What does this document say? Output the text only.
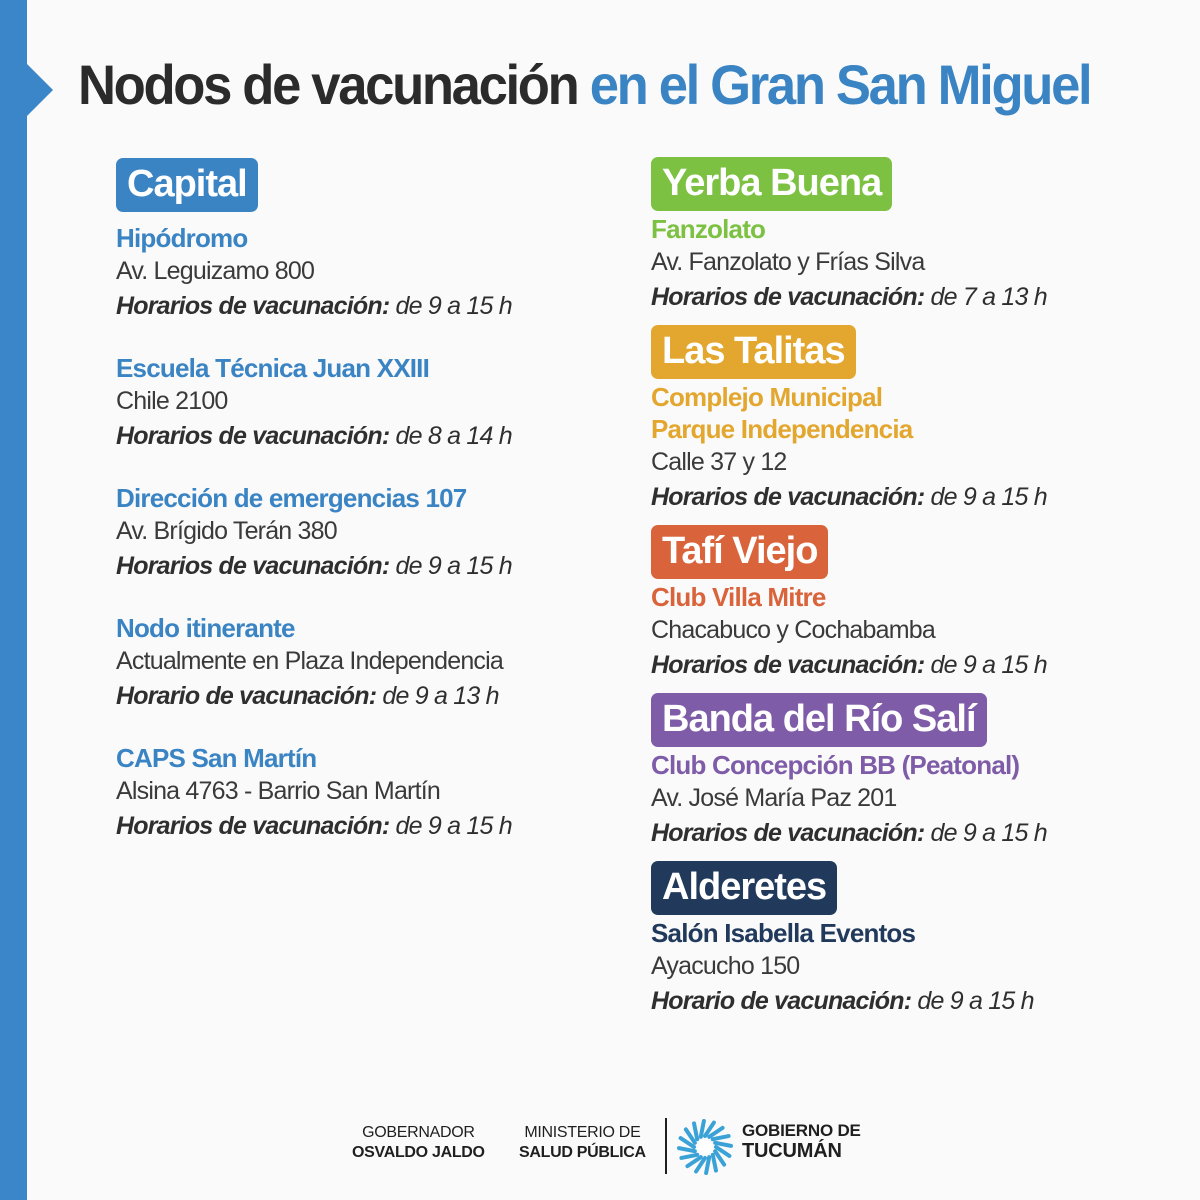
Nodos de vacunación en el Gran San Miguel
Capital
Hipódromo
Av. Leguizamo 800
Horarios de vacunación: de 9 a 15 h
Escuela Técnica Juan XXIII
Chile 2100
Horarios de vacunación: de 8 a 14 h
Dirección de emergencias 107
Av. Brígido Terán 380
Horarios de vacunación: de 9 a 15 h
Nodo itinerante
Actualmente en Plaza Independencia
Horario de vacunación: de 9 a 13 h
CAPS San Martín
Alsina 4763 - Barrio San Martín
Horarios de vacunación: de 9 a 15 h
Yerba Buena
Fanzolato
Av. Fanzolato y Frías Silva
Horarios de vacunación: de 7 a 13 h
Las Talitas
Complejo Municipal
Parque Independencia
Calle 37 y 12
Horarios de vacunación: de 9 a 15 h
Tafí Viejo
Club Villa Mitre
Chacabuco y Cochabamba
Horarios de vacunación: de 9 a 15 h
Banda del Río Salí
Club Concepción BB (Peatonal)
Av. José María Paz 201
Horarios de vacunación: de 9 a 15 h
Alderetes
Salón Isabella Eventos
Ayacucho 150
Horario de vacunación: de 9 a 15 h
GOBERNADOR
OSVALDO JALDO
MINISTERIO DE
SALUD PÚBLICA
GOBIERNO DE
TUCUMÁN
